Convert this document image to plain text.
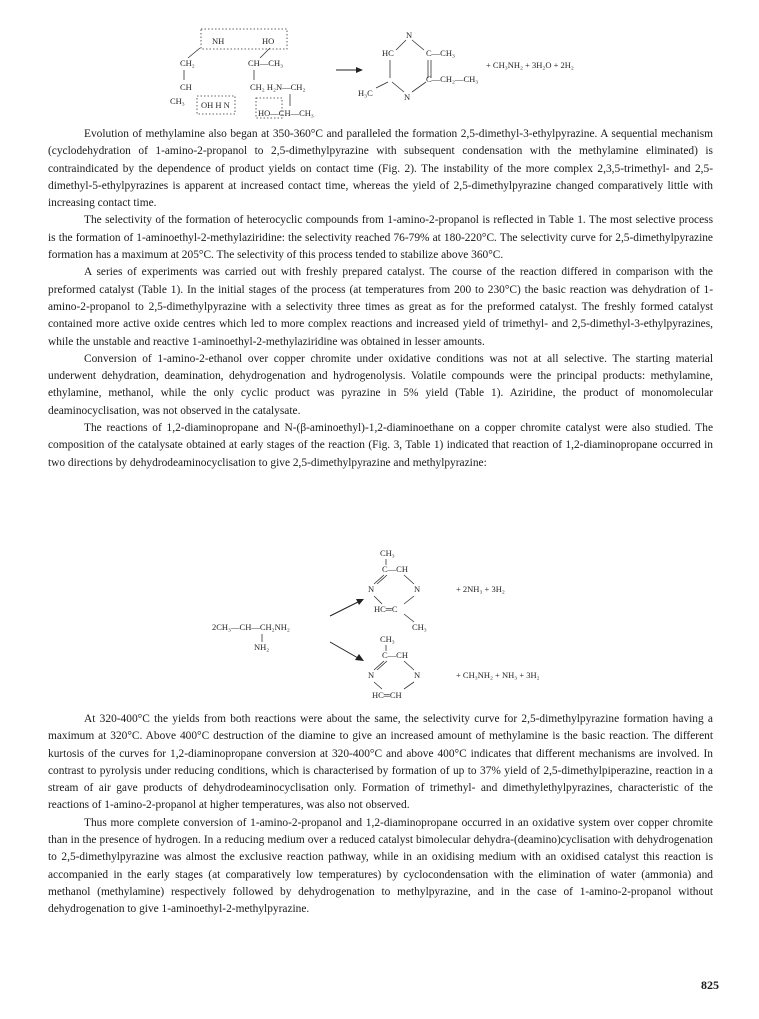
NH	HO
CH₂	CH—CH₃
CH
CH₃
CH₂ H₂N—CH₂
OH H N
HO—CH—CH₃
N
HC	C—CH₃
H₃C
C—CH₂—CH₃
N
+ CH₃NH₂ + 3H₂O + 2H₂

Evolution of methylamine also began at 350-360°C and paralleled the formation 2,5-dimethyl-3-ethylpyrazine. A sequential mechanism (cyclodehydration of 1-amino-2-propanol to 2,5-dimethylpyrazine with subsequent condensation with the methylamine eliminated) is contraindicated by the dependence of product yields on contact time (Fig. 2). The instability of the more complex 2,3,5-trimethyl- and 2,5-dimethyl-5-ethylpyrazines is apparent at increased contact time, whereas the yield of 2,5-dimethylpyrazine changed comparatively little with increasing contact time.

The selectivity of the formation of heterocyclic compounds from 1-amino-2-propanol is reflected in Table 1. The most selective process is the formation of 1-aminoethyl-2-methylaziridine: the selectivity reached 76-79% at 180-220°C. The selectivity curve for 2,5-dimethylpyrazine formation has a maximum at 205°C. The selectivity of this process tended to stabilize above 360°C.

A series of experiments was carried out with freshly prepared catalyst. The course of the reaction differed in comparison with the preformed catalyst (Table 1). In the initial stages of the process (at temperatures from 200 to 230°C) the basic reaction was dehydration of 1-amino-2-propanol to 2,5-dimethylpyrazine with a selectivity three times as great as for the preformed catalyst. The freshly formed catalyst contained more active oxide centres which led to more complex reactions and increased yield of trimethyl- and 2,5-dimethyl-3-ethylpyrazines, while the unstable and reactive 1-aminoethyl-2-methylaziridine was obtained in lesser amounts.

Conversion of 1-amino-2-ethanol over copper chromite under oxidative conditions was not at all selective. The starting material underwent dehydration, deamination, dehydrogenation and hydrogenolysis. Volatile compounds were the principal products: methylamine, ethylamine, methanol, while the only cyclic product was pyrazine in 5% yield (Table 1). Aziridine, the product of monomolecular deaminocyclisation, was not observed in the catalysate.

The reactions of 1,2-diaminopropane and N-(β-aminoethyl)-1,2-diaminoethane on a copper chromite catalyst were also studied. The composition of the catalysate obtained at early stages of the reaction (Fig. 3, Table 1) indicated that reaction of 1,2-diaminopropane occurred in two directions by dehydrodeaminocyclisation to give 2,5-dimethylpyrazine and methylpyrazine:

2CH₃—CH—CH₂NH₂
NH₂
CH₃
C—CH
N	N
HC═C
CH₃
+ 2NH₃ + 3H₂
CH₃
C—CH
N	N
HC═CH
+ CH₃NH₂ + NH₃ + 3H₂

At 320-400°C the yields from both reactions were about the same, the selectivity curve for 2,5-dimethylpyrazine formation having a maximum at 320°C. Above 400°C destruction of the diamine to give an increased amount of methylamine is the basic reaction. The different kurtosis of the curves for 1,2-diaminopropane conversion at 320-400°C and above 400°C indicates that different mechanisms are involved. In contrast to pyrolysis under reducing conditions, which is characterised by formation of up to 37% yield of 2,5-dimethylpiperazine, reaction in a stream of air gave products of dehydrodeaminocyclisation only. Formation of trimethyl- and dimethylethylpyrazines, characteristic of the reactions of 1-amino-2-propanol at higher temperatures, was also not observed.

Thus more complete conversion of 1-amino-2-propanol and 1,2-diaminopropane occurred in an oxidative system over copper chromite than in the presence of hydrogen. In a reducing medium over a reduced catalyst bimolecular dehydra-(deamino)cyclisation with dehydrogenation to 2,5-dimethylpyrazine was almost the exclusive reaction pathway, while in an oxidising medium with an oxidised catalyst this reaction is accompanied in the early stages (at comparatively low temperatures) by cyclocondensation with the elimination of water (ammonia) and methanol (methylamine) respectively followed by dehydrogenation to methylpyrazine, and in the case of 1-amino-2-propanol without dehydrogenation to give 1-aminoethyl-2-methylpyrazine.

825
